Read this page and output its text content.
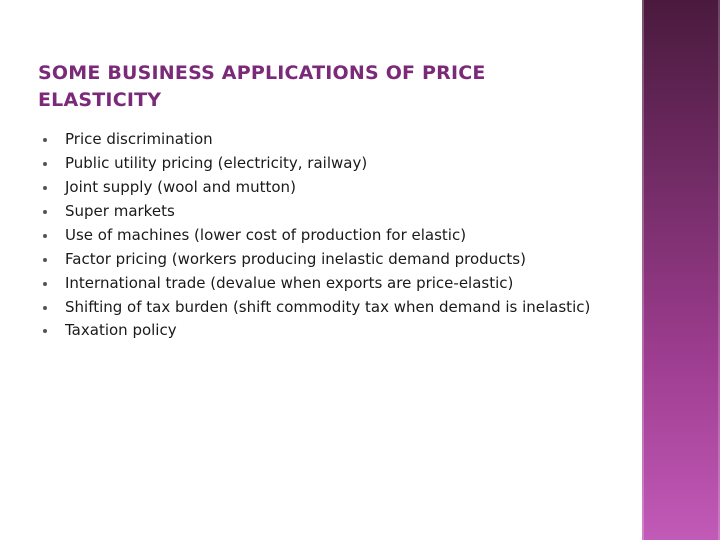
SOME BUSINESS APPLICATIONS OF PRICE ELASTICITY
Price discrimination
Public utility pricing (electricity, railway)
Joint supply (wool and mutton)
Super markets
Use of machines (lower cost of production for elastic)
Factor pricing (workers producing inelastic demand products)
International trade (devalue when exports are price-elastic)
Shifting of tax burden (shift commodity tax when demand is inelastic)
Taxation policy
